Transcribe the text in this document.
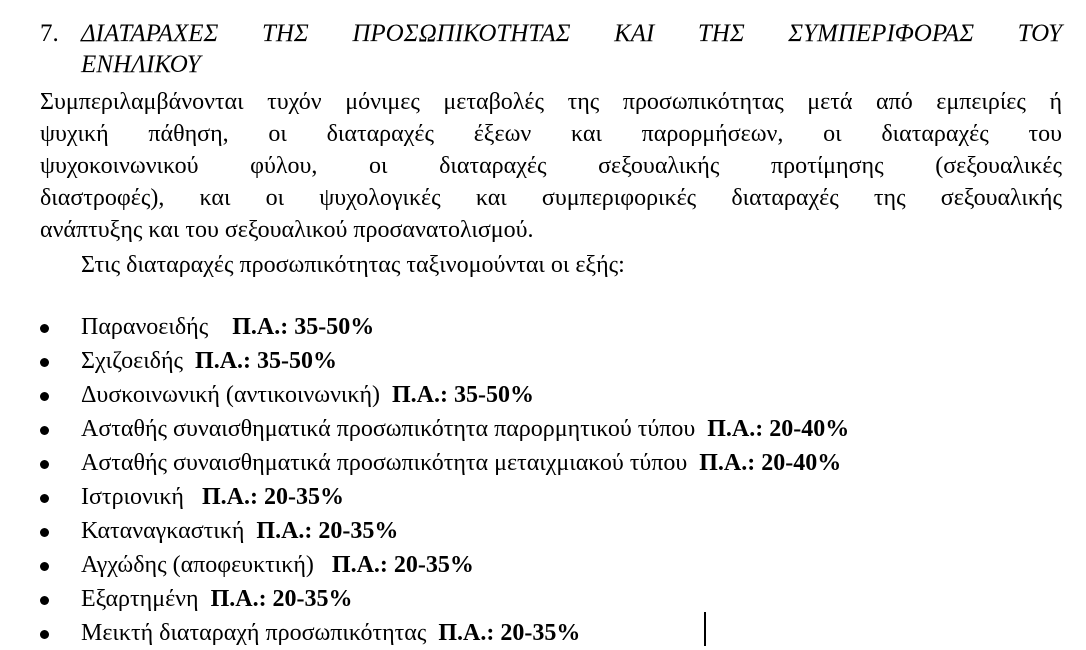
7. ΔΙΑΤΑΡΑΧΕΣ ΤΗΣ ΠΡΟΣΩΠΙΚΟΤΗΤΑΣ ΚΑΙ ΤΗΣ ΣΥΜΠΕΡΙΦΟΡΑΣ ΤΟΥ
ΕΝΗΛΙΚΟΥ
Συμπεριλαμβάνονται τυχόν μόνιμες μεταβολές της προσωπικότητας μετά από εμπειρίες ή
ψυχική πάθηση, οι διαταραχές έξεων και παρορμήσεων, οι διαταραχές του
ψυχοκοινωνικού φύλου, οι διαταραχές σεξουαλικής προτίμησης (σεξουαλικές
διαστροφές), και οι ψυχολογικές και συμπεριφορικές διαταραχές της σεξουαλικής
ανάπτυξης και του σεξουαλικού προσανατολισμού.
Στις διαταραχές προσωπικότητας ταξινομούνται οι εξής:
Παρανοειδής Π.Α.: 35-50%
Σχιζοειδής Π.Α.: 35-50%
Δυσκοινωνική (αντικοινωνική) Π.Α.: 35-50%
Ασταθής συναισθηματικά προσωπικότητα παρορμητικού τύπου Π.Α.: 20-40%
Ασταθής συναισθηματικά προσωπικότητα μεταιχμιακού τύπου Π.Α.: 20-40%
Ιστριονική Π.Α.: 20-35%
Καταναγκαστική Π.Α.: 20-35%
Αγχώδης (αποφευκτική) Π.Α.: 20-35%
Εξαρτημένη Π.Α.: 20-35%
Μεικτή διαταραχή προσωπικότητας Π.Α.: 20-35%
